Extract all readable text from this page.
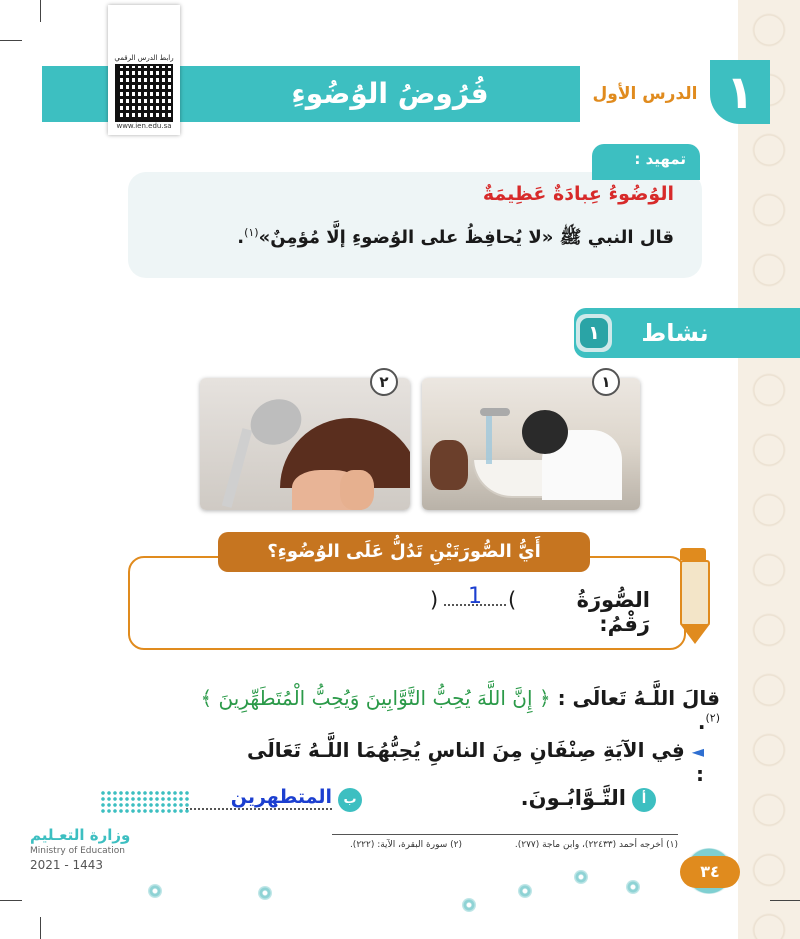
١
الدرس الأول
فُرُوضُ الوُضُوءِ
رابط الدرس الرقمي
www.ien.edu.sa
تمهيد :
الوُضُوءُ عِبادَةٌ عَظِيمَةٌ
قال النبي ﷺ «لا يُحافِظُ على الوُضوءِ إلَّا مُؤمِنٌ»$^{(١)}$.
نشاط
١
١
٢
أَيُّ الصُّورَتَيْنِ تَدُلُّ عَلَى الوُضُوءِ؟
الصُّورَةُ رَقْمُ:
(
1
)
قالَ اللَّـهُ تَعالَى : ﴿ إِنَّ اللَّهَ يُحِبُّ التَّوَّابِينَ وَيُحِبُّ الْمُتَطَهِّرِينَ ﴾$^{(٢)}$.
◄ فِي الآيَةِ صِنْفَانِ مِنَ الناسِ يُحِبُّهُمَا اللَّـهُ تَعَالَى :
أ
التَّـوَّابُـونَ.
ب
المتطهرين
وزارة التعـليم
Ministry of Education
2021 - 1443
(١) أخرجه أحمد (٢٢٤٣٣)، وابن ماجة (٢٧٧).
(٢) سورة البقرة، الآية: (٢٢٢).
٣٤
